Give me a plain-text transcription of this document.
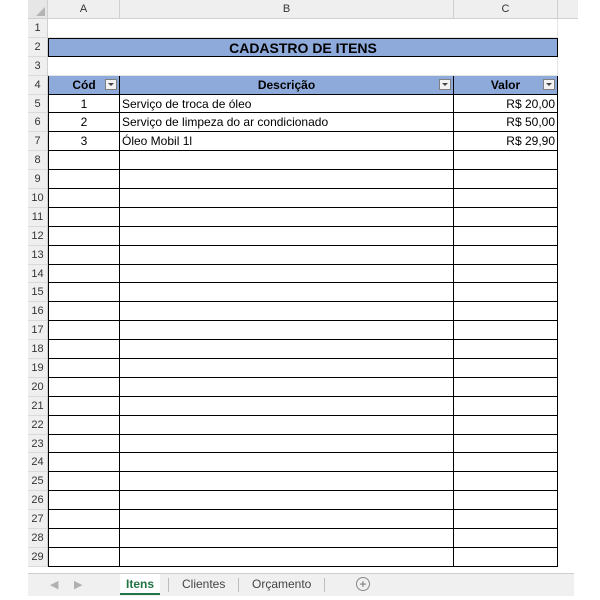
A	B	C
1
2
3
4
5
6
7
8
9
10
11
12
13
14
15
16
17
18
19
20
21
22
23
24
25
26
27
28
29
CADASTRO DE ITENS
Cód	Descrição	Valor
1	Serviço de troca de óleo	R$ 20,00
2	Serviço de limpeza do ar condicionado	R$ 50,00
3	Óleo Mobil 1l	R$ 29,90
◀ ▶	Itens	Clientes	Orçamento	+
